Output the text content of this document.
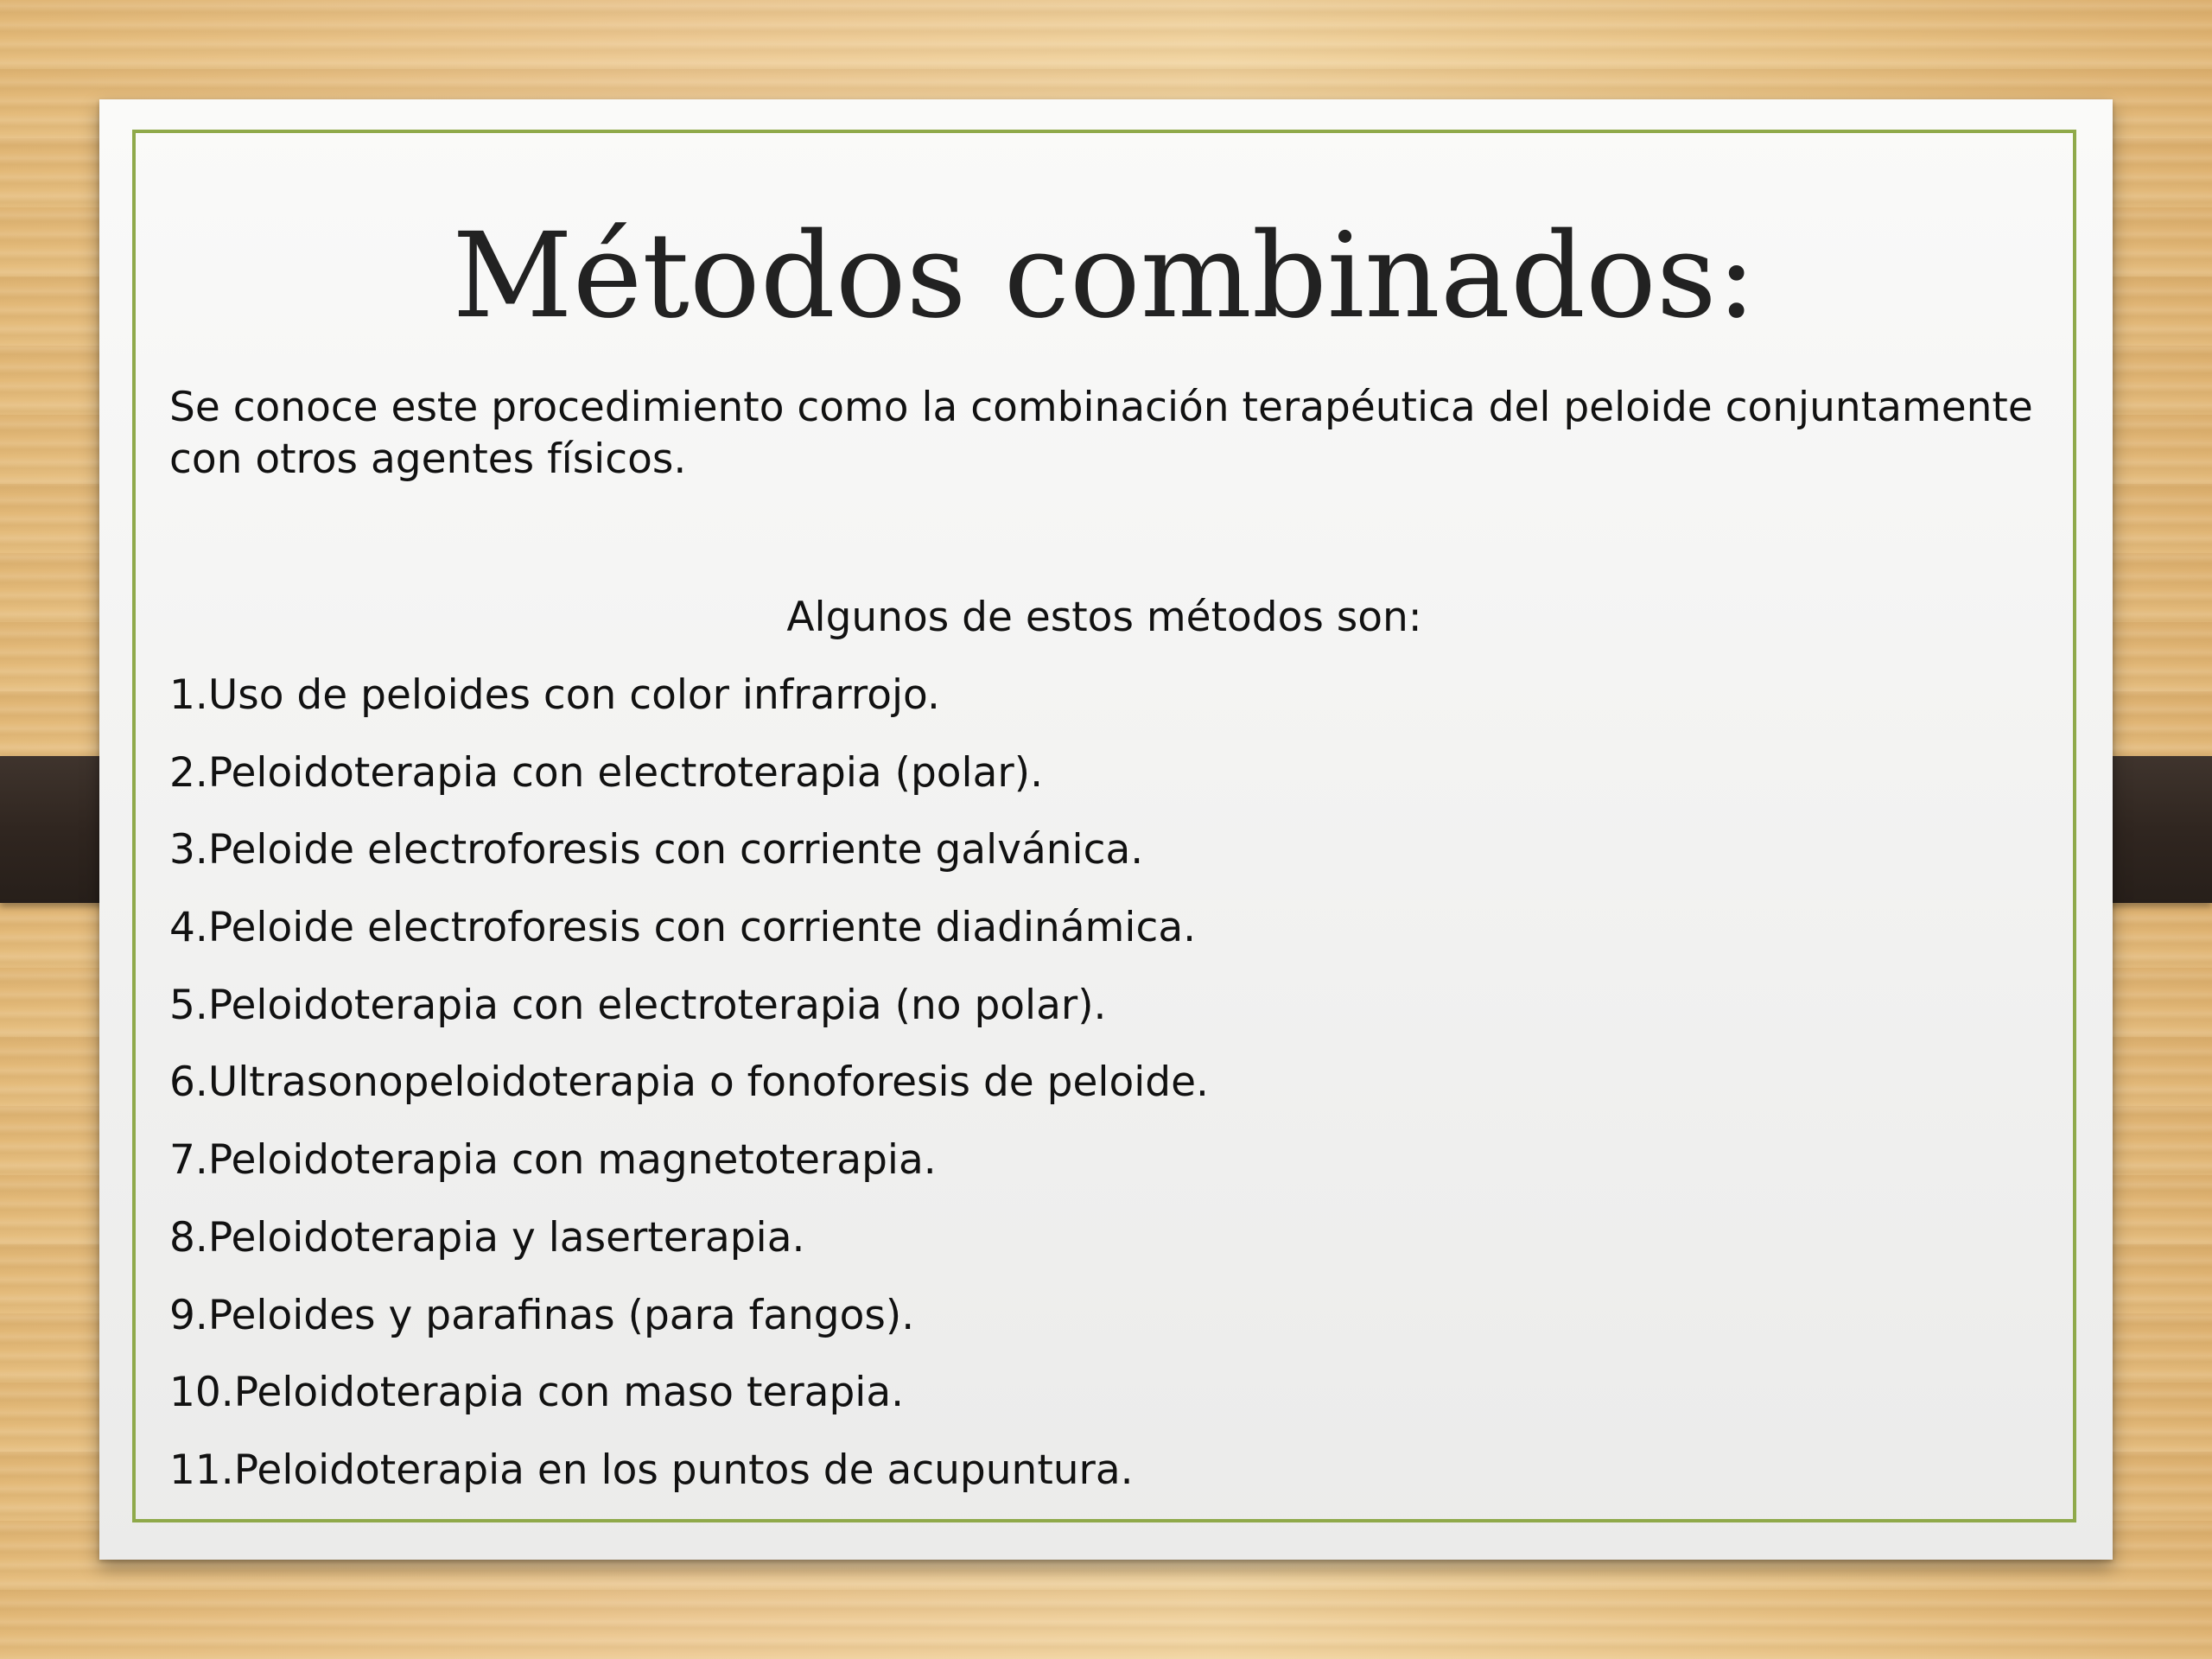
Métodos combinados:
Se conoce este procedimiento como la combinación terapéutica del peloide conjuntamente con otros agentes físicos.
Algunos de estos métodos son:
1.Uso de peloides con color infrarrojo.
2.Peloidoterapia con electroterapia (polar).
3.Peloide electroforesis con corriente galvánica.
4.Peloide electroforesis con corriente diadinámica.
5.Peloidoterapia con electroterapia (no polar).
6.Ultrasonopeloidoterapia o fonoforesis de peloide.
7.Peloidoterapia con magnetoterapia.
8.Peloidoterapia y laserterapia.
9.Peloides y parafinas (para fangos).
10.Peloidoterapia con maso terapia.
11.Peloidoterapia en los puntos de acupuntura.
